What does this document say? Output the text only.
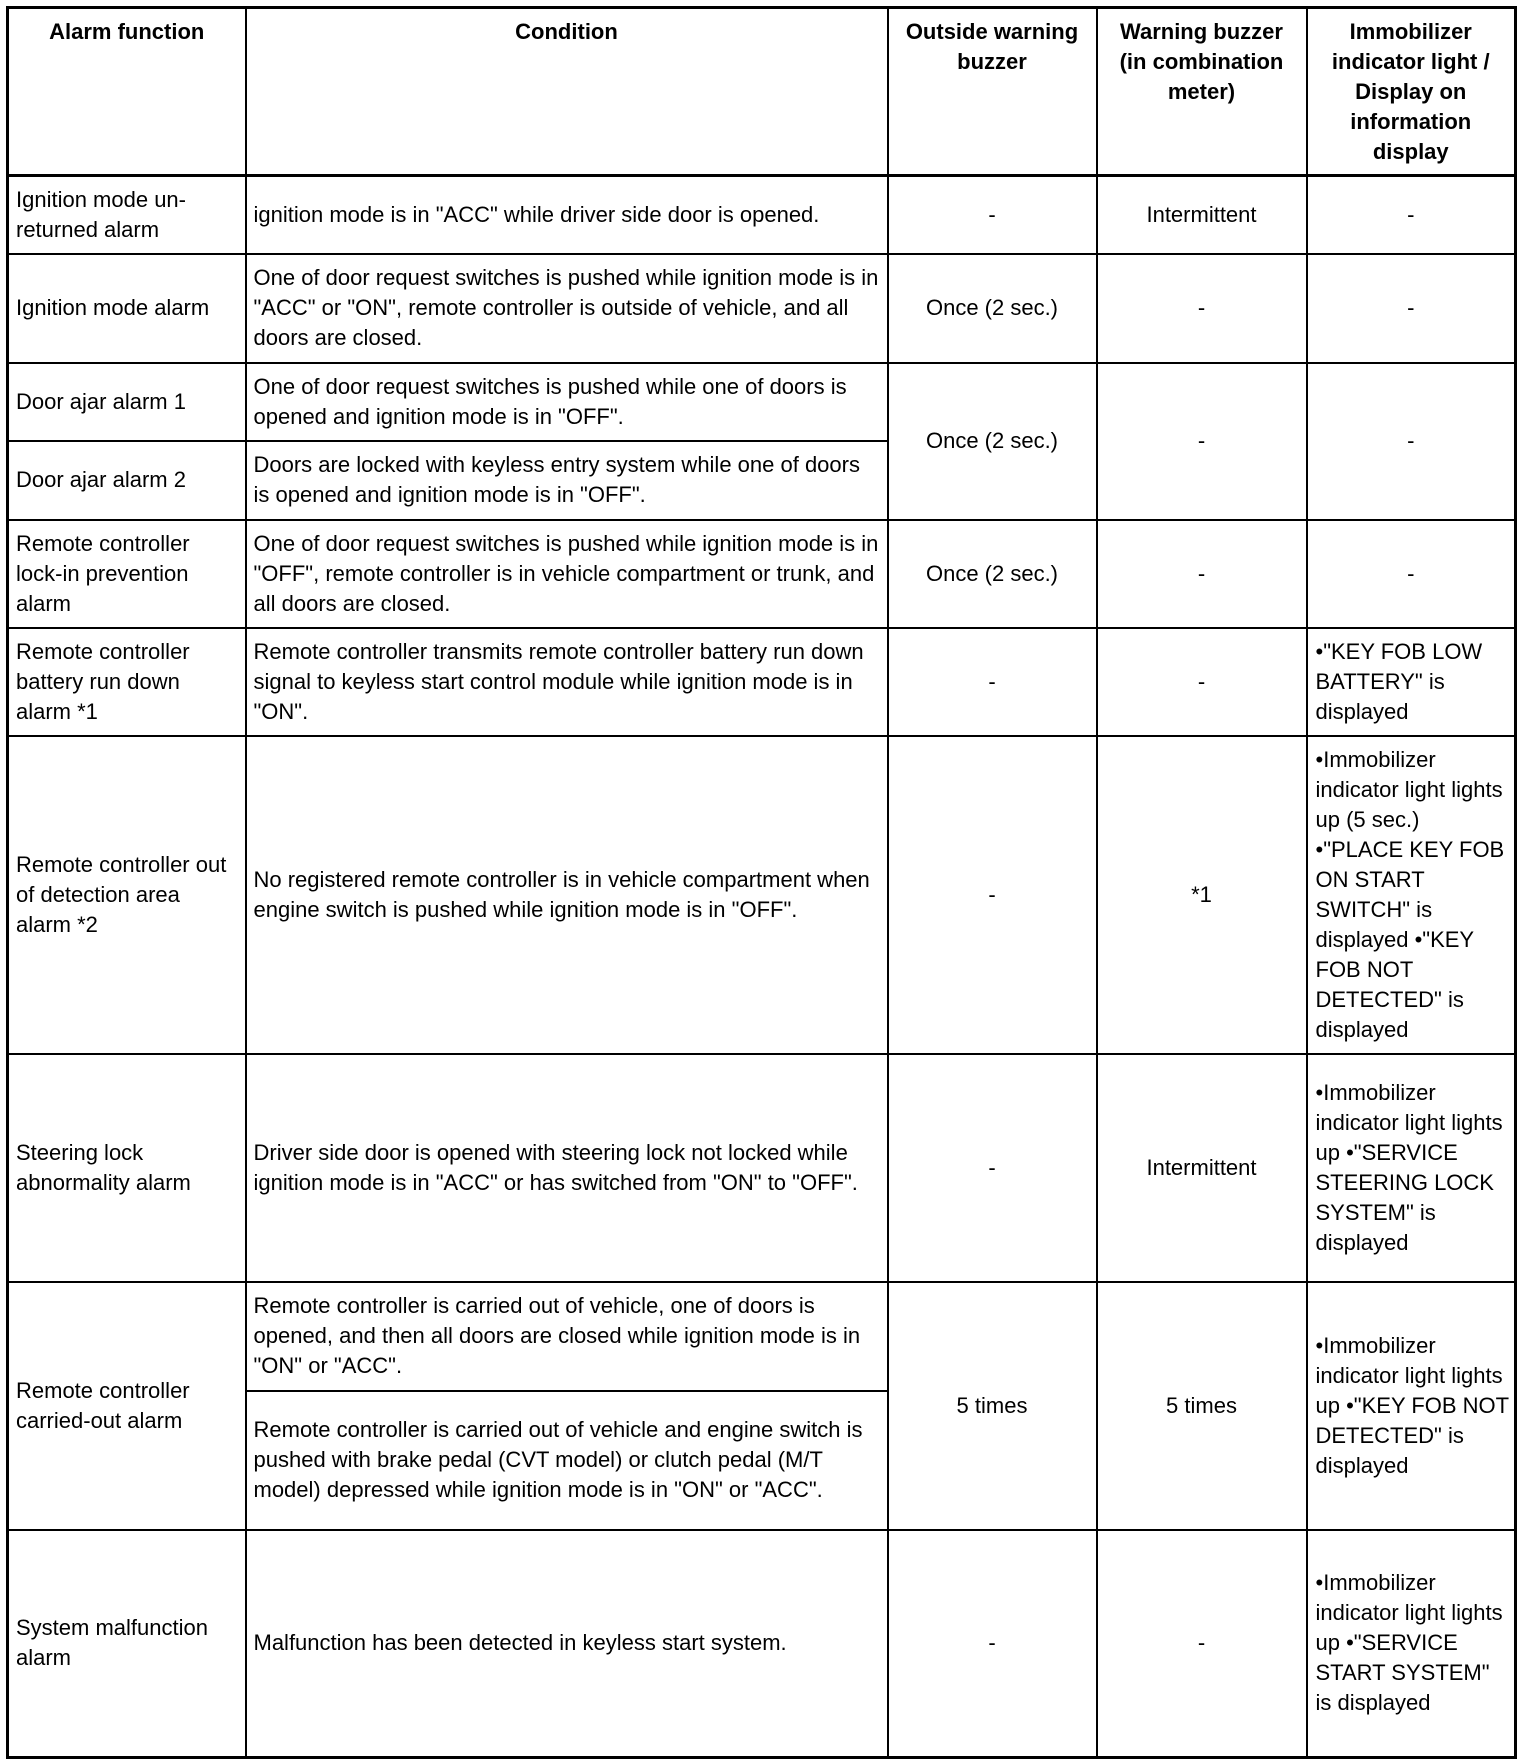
Alarm function	Condition	Outside warning buzzer	Warning buzzer (in combination meter)	Immobilizer indicator light / Display on information display
Ignition mode un-returned alarm	ignition mode is in "ACC" while driver side door is opened.	-	Intermittent	-
Ignition mode alarm	One of door request switches is pushed while ignition mode is in "ACC" or "ON", remote controller is outside of vehicle, and all doors are closed.	Once (2 sec.)	-	-
Door ajar alarm 1	One of door request switches is pushed while one of doors is opened and ignition mode is in "OFF".	Once (2 sec.)	-	-
Door ajar alarm 2	Doors are locked with keyless entry system while one of doors is opened and ignition mode is in "OFF".			
Remote controller lock-in prevention alarm	One of door request switches is pushed while ignition mode is in "OFF", remote controller is in vehicle compartment or trunk, and all doors are closed.	Once (2 sec.)	-	-
Remote controller battery run down alarm *1	Remote controller transmits remote controller battery run down signal to keyless start control module while ignition mode is in "ON".	-	-	•"KEY FOB LOW BATTERY" is displayed
Remote controller out of detection area alarm *2	No registered remote controller is in vehicle compartment when engine switch is pushed while ignition mode is in "OFF".	-	*1	•Immobilizer indicator light lights up (5 sec.) •"PLACE KEY FOB ON START SWITCH" is displayed •"KEY FOB NOT DETECTED" is displayed
Steering lock abnormality alarm	Driver side door is opened with steering lock not locked while ignition mode is in "ACC" or has switched from "ON" to "OFF".	-	Intermittent	•Immobilizer indicator light lights up •"SERVICE STEERING LOCK SYSTEM" is displayed
Remote controller carried-out alarm	Remote controller is carried out of vehicle, one of doors is opened, and then all doors are closed while ignition mode is in "ON" or "ACC".	5 times	5 times	•Immobilizer indicator light lights up •"KEY FOB NOT DETECTED" is displayed
	Remote controller is carried out of vehicle and engine switch is pushed with brake pedal (CVT model) or clutch pedal (M/T model) depressed while ignition mode is in "ON" or "ACC".			
System malfunction alarm	Malfunction has been detected in keyless start system.	-	-	•Immobilizer indicator light lights up •"SERVICE START SYSTEM" is displayed
